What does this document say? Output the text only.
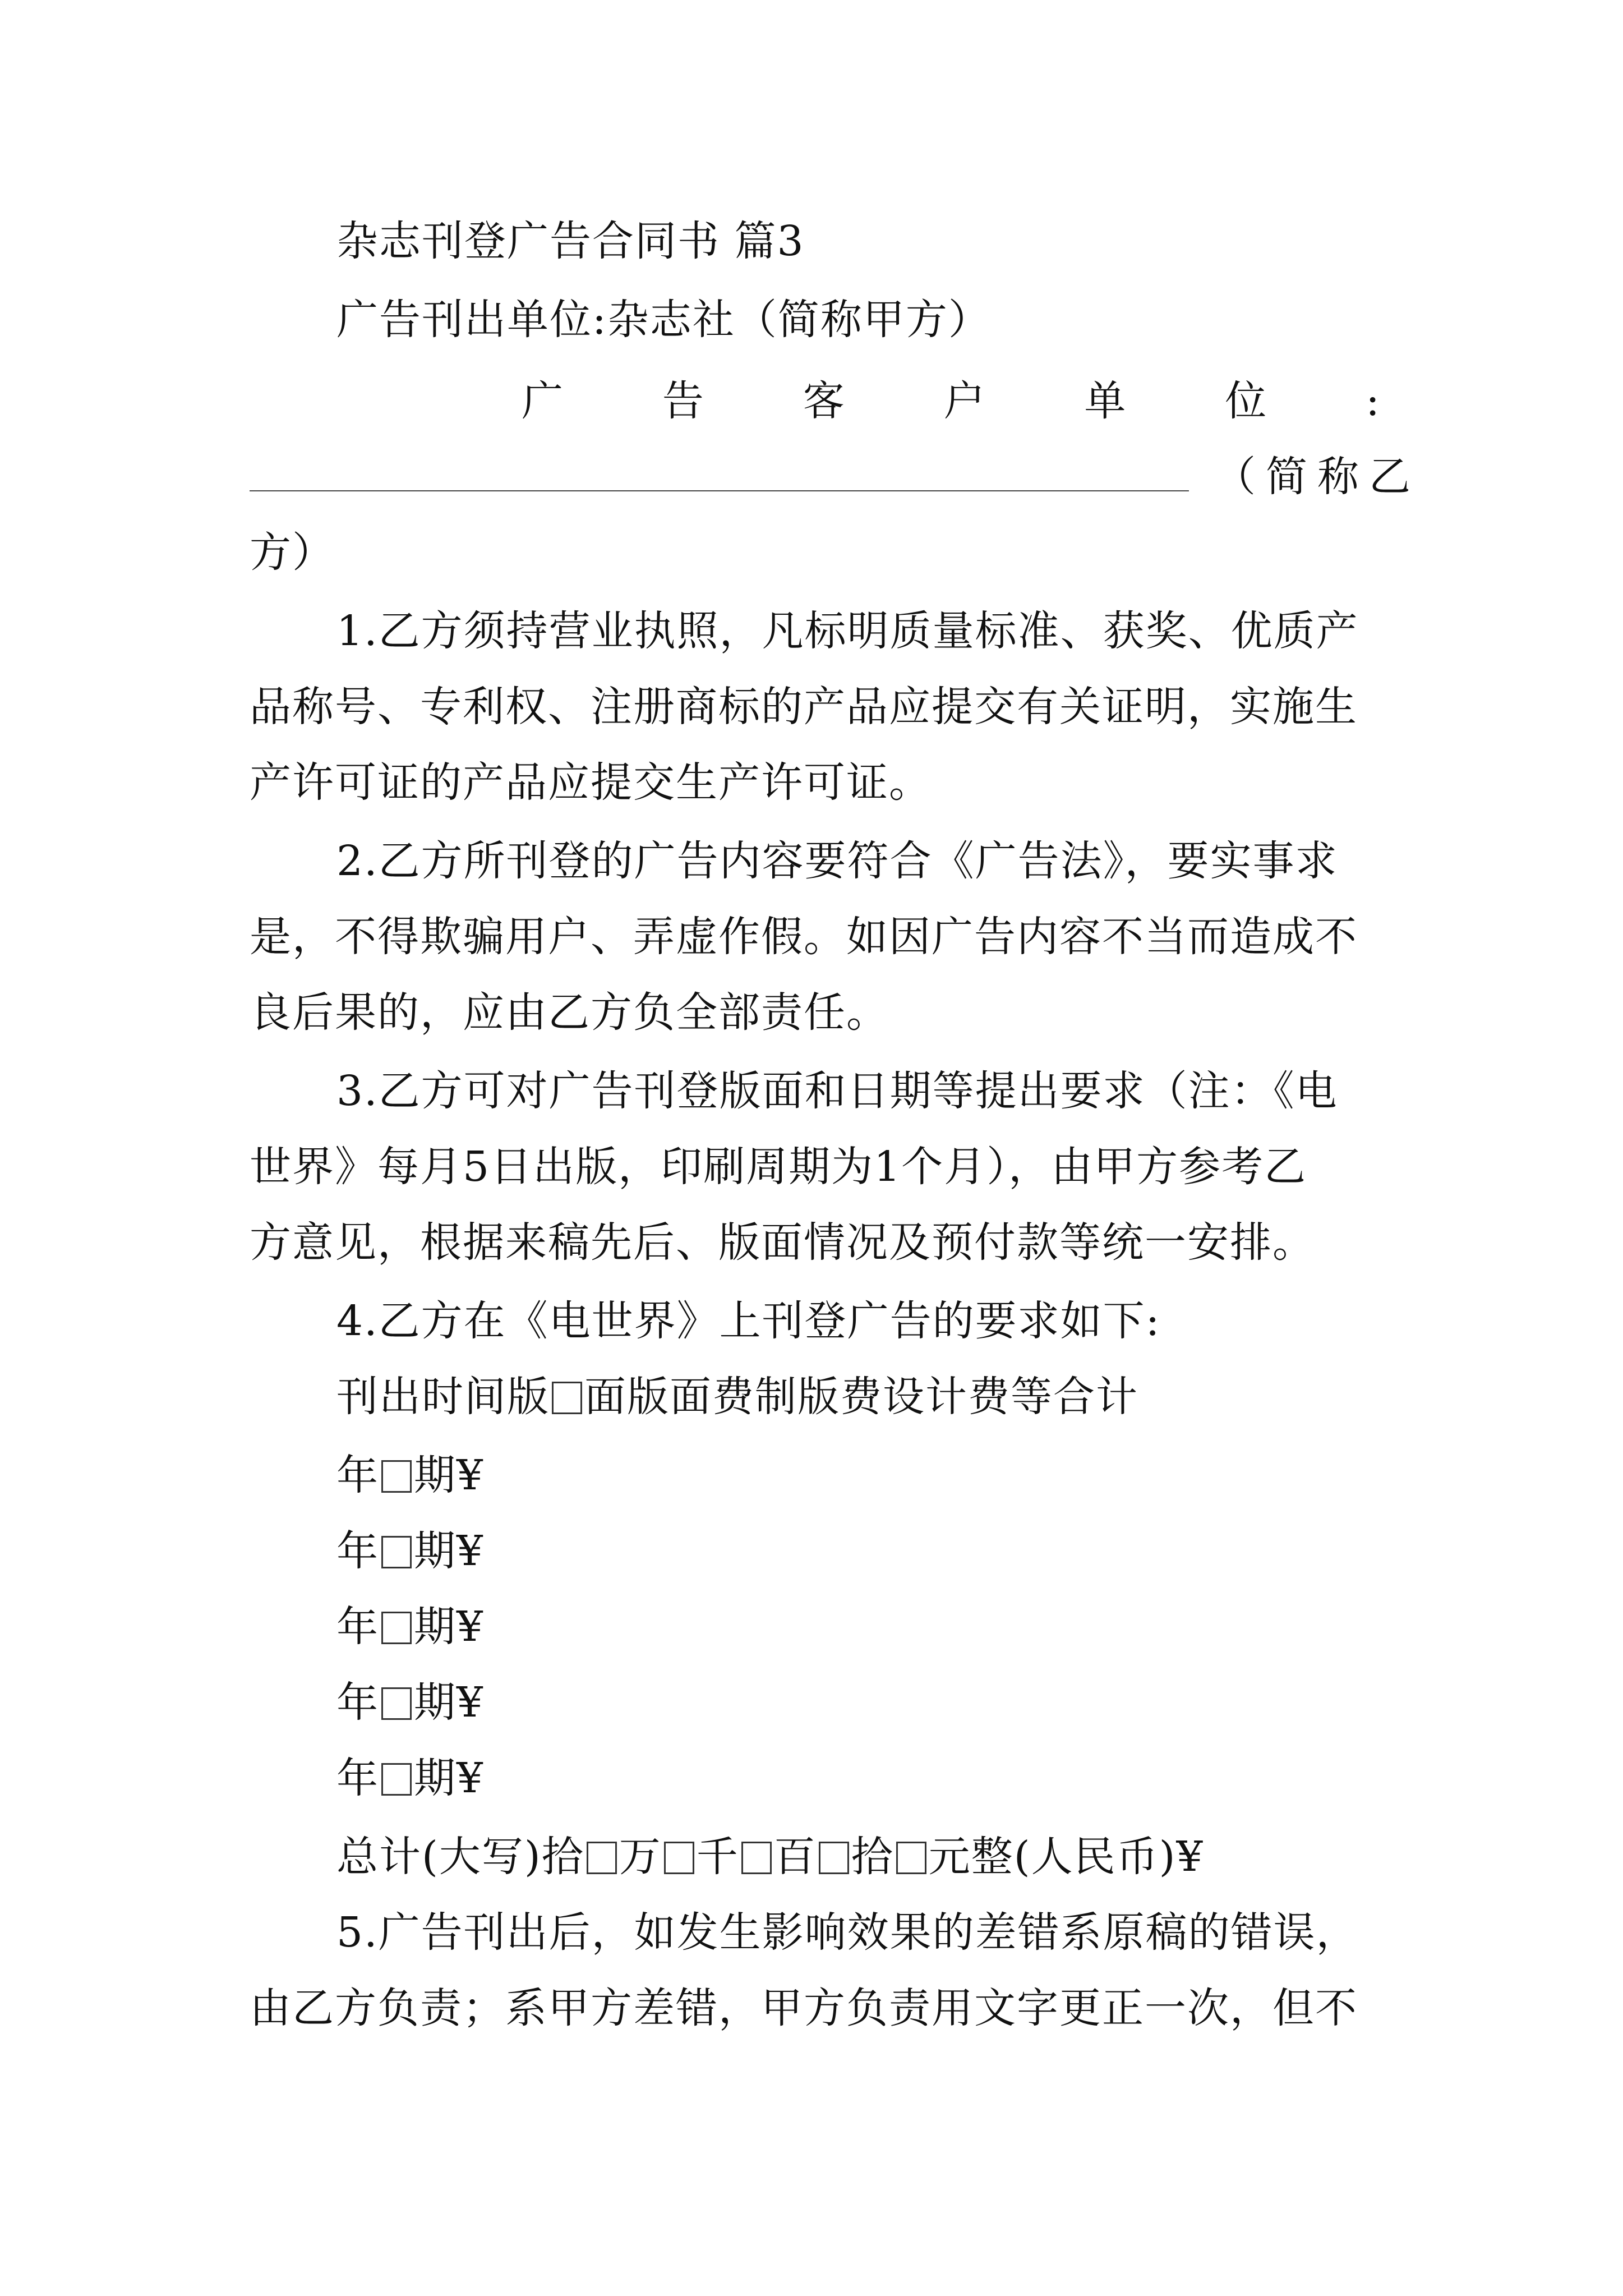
杂志刊登广告合同书 篇3
广告刊出单位:杂志社（简称甲方）
广 告 客 户 单 位 :
（简称乙
方）
1.乙方须持营业执照，凡标明质量标准、获奖、优质产
品称号、专利权、注册商标的产品应提交有关证明，实施生
产许可证的产品应提交生产许可证。
2.乙方所刊登的广告内容要符合《广告法》，要实事求
是，不得欺骗用户、弄虚作假。如因广告内容不当而造成不
良后果的，应由乙方负全部责任。
3.乙方可对广告刊登版面和日期等提出要求（注：《电
世界》每月5日出版，印刷周期为1个月），由甲方参考乙
方意见，根据来稿先后、版面情况及预付款等统一安排。
4.乙方在《电世界》上刊登广告的要求如下:
刊出时间版 面版面费制版费设计费等合计
年 期¥
年 期¥
年 期¥
年 期¥
年 期¥
总计(大写)拾 万 千 百 拾 元整(人民币)¥
5.广告刊出后，如发生影响效果的差错系原稿的错误，
由乙方负责；系甲方差错，甲方负责用文字更正一次，但不
